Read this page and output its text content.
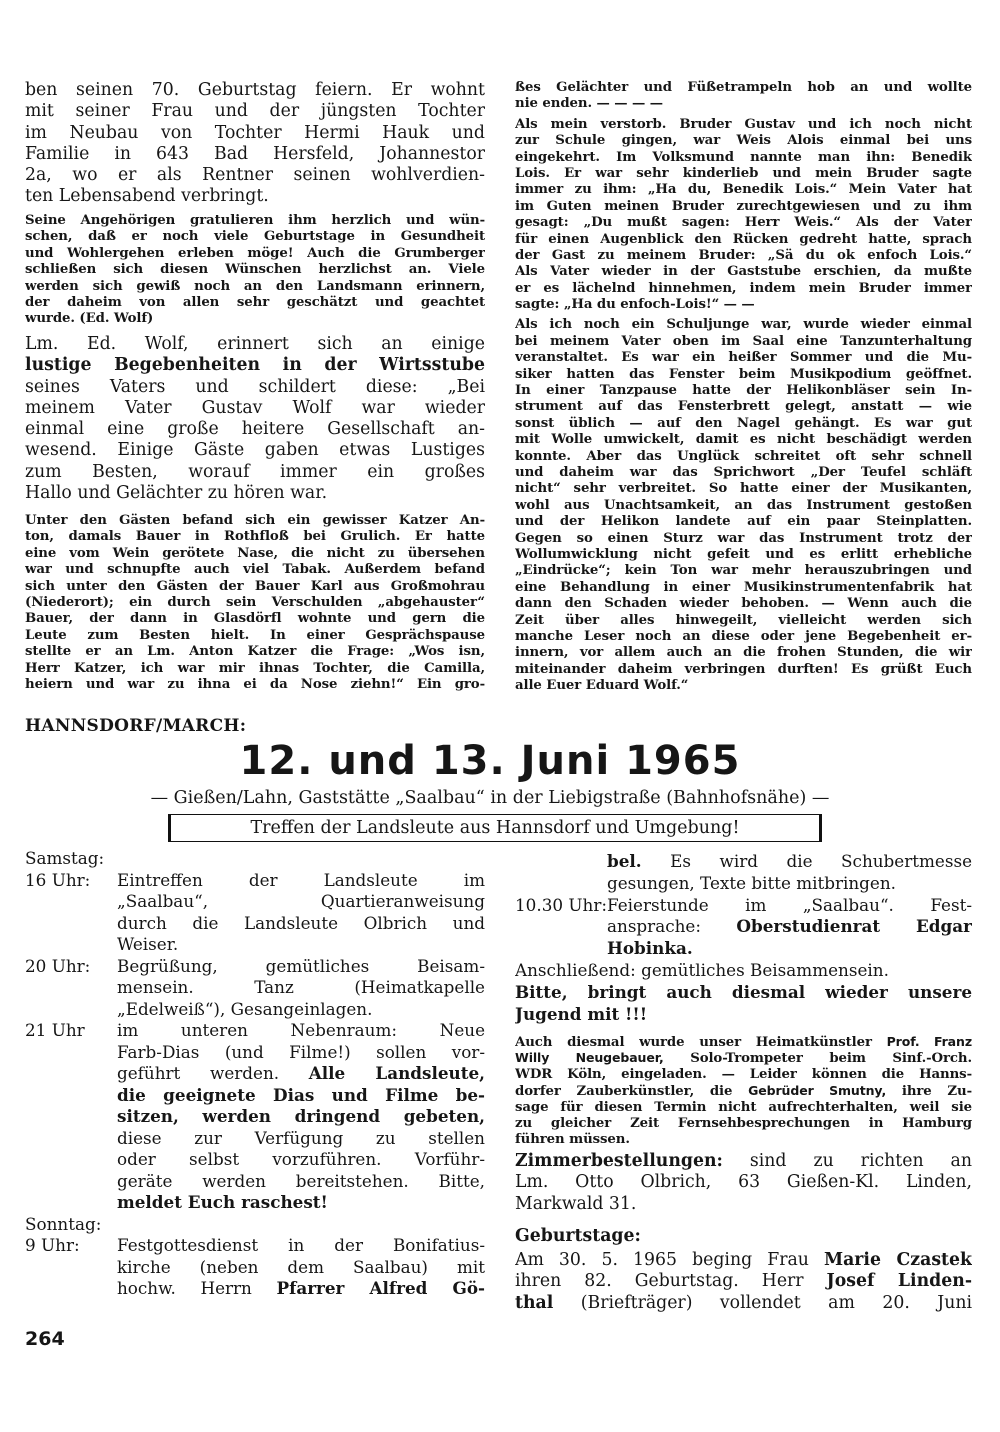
ben seinen 70. Geburtstag feiern. Er wohnt
mit seiner Frau und der jüngsten Tochter
im Neubau von Tochter Hermi Hauk und
Familie in 643 Bad Hersfeld, Johannestor
2a, wo er als Rentner seinen wohlverdien-
ten Lebensabend verbringt.
Seine Angehörigen gratulieren ihm herzlich und wün-
schen, daß er noch viele Geburtstage in Gesundheit
und Wohlergehen erleben möge! Auch die Grumberger
schließen sich diesen Wünschen herzlichst an. Viele
werden sich gewiß noch an den Landsmann erinnern,
der daheim von allen sehr geschätzt und geachtet
wurde. (Ed. Wolf)
Lm. Ed. Wolf, erinnert sich an einige
lustige Begebenheiten in der Wirtsstube
seines Vaters und schildert diese: „Bei
meinem Vater Gustav Wolf war wieder
einmal eine große heitere Gesellschaft an-
wesend. Einige Gäste gaben etwas Lustiges
zum Besten, worauf immer ein großes
Hallo und Gelächter zu hören war.
Unter den Gästen befand sich ein gewisser Katzer An-
ton, damals Bauer in Rothfloß bei Grulich. Er hatte
eine vom Wein gerötete Nase, die nicht zu übersehen
war und schnupfte auch viel Tabak. Außerdem befand
sich unter den Gästen der Bauer Karl aus Großmohrau
(Niederort); ein durch sein Verschulden „abgehauster“
Bauer, der dann in Glasdörfl wohnte und gern die
Leute zum Besten hielt. In einer Gesprächspause
stellte er an Lm. Anton Katzer die Frage: „Wos isn,
Herr Katzer, ich war mir ihnas Tochter, die Camilla,
heiern und war zu ihna ei da Nose ziehn!“ Ein gro-
ßes Gelächter und Füßetrampeln hob an und wollte
nie enden. — — — —
Als mein verstorb. Bruder Gustav und ich noch nicht
zur Schule gingen, war Weis Alois einmal bei uns
eingekehrt. Im Volksmund nannte man ihn: Benedik
Lois. Er war sehr kinderlieb und mein Bruder sagte
immer zu ihm: „Ha du, Benedik Lois.“ Mein Vater hat
im Guten meinen Bruder zurechtgewiesen und zu ihm
gesagt: „Du mußt sagen: Herr Weis.“ Als der Vater
für einen Augenblick den Rücken gedreht hatte, sprach
der Gast zu meinem Bruder: „Sä du ok enfoch Lois.“
Als Vater wieder in der Gaststube erschien, da mußte
er es lächelnd hinnehmen, indem mein Bruder immer
sagte: „Ha du enfoch-Lois!“ — —
Als ich noch ein Schuljunge war, wurde wieder einmal
bei meinem Vater oben im Saal eine Tanzunterhaltung
veranstaltet. Es war ein heißer Sommer und die Mu-
siker hatten das Fenster beim Musikpodium geöffnet.
In einer Tanzpause hatte der Helikonbläser sein In-
strument auf das Fensterbrett gelegt, anstatt — wie
sonst üblich — auf den Nagel gehängt. Es war gut
mit Wolle umwickelt, damit es nicht beschädigt werden
konnte. Aber das Unglück schreitet oft sehr schnell
und daheim war das Sprichwort „Der Teufel schläft
nicht“ sehr verbreitet. So hatte einer der Musikanten,
wohl aus Unachtsamkeit, an das Instrument gestoßen
und der Helikon landete auf ein paar Steinplatten.
Gegen so einen Sturz war das Instrument trotz der
Wollumwicklung nicht gefeit und es erlitt erhebliche
„Eindrücke“; kein Ton war mehr herauszubringen und
eine Behandlung in einer Musikinstrumentenfabrik hat
dann den Schaden wieder behoben. — Wenn auch die
Zeit über alles hinwegeilt, vielleicht werden sich
manche Leser noch an diese oder jene Begebenheit er-
innern, vor allem auch an die frohen Stunden, die wir
miteinander daheim verbringen durften! Es grüßt Euch
alle Euer Eduard Wolf.“
HANNSDORF/MARCH:
12. und 13. Juni 1965
— Gießen/Lahn, Gaststätte „Saalbau“ in der Liebigstraße (Bahnhofsnähe) —
Treffen der Landsleute aus Hannsdorf und Umgebung!
Samstag:
16 Uhr:	Eintreffen der Landsleute im
„Saalbau“, Quartieranweisung
durch die Landsleute Olbrich und
Weiser.
20 Uhr:	Begrüßung, gemütliches Beisam-
mensein. Tanz (Heimatkapelle
„Edelweiß“), Gesangeinlagen.
21 Uhr	im unteren Nebenraum: Neue
Farb-Dias (und Filme!) sollen vor-
geführt werden. Alle Landsleute,
die geeignete Dias und Filme be-
sitzen, werden dringend gebeten,
diese zur Verfügung zu stellen
oder selbst vorzuführen. Vorführ-
geräte werden bereitstehen. Bitte,
meldet Euch raschest!
Sonntag:
9 Uhr:	Festgottesdienst in der Bonifatius-
kirche (neben dem Saalbau) mit
hochw. Herrn Pfarrer Alfred Gö-
bel. Es wird die Schubertmesse
gesungen, Texte bitte mitbringen.
10.30 Uhr: Feierstunde im „Saalbau“. Fest-
ansprache: Oberstudienrat Edgar
Hobinka.
Anschließend: gemütliches Beisammensein.
Bitte, bringt auch diesmal wieder unsere
Jugend mit !!!
Auch diesmal wurde unser Heimatkünstler Prof. Franz
Willy Neugebauer, Solo-Trompeter beim Sinf.-Orch.
WDR Köln, eingeladen. — Leider können die Hanns-
dorfer Zauberkünstler, die Gebrüder Smutny, ihre Zu-
sage für diesen Termin nicht aufrechterhalten, weil sie
zu gleicher Zeit Fernsehbesprechungen in Hamburg
führen müssen.
Zimmerbestellungen: sind zu richten an
Lm. Otto Olbrich, 63 Gießen-Kl. Linden,
Markwald 31.
Geburtstage:
Am 30. 5. 1965 beging Frau Marie Czastek
ihren 82. Geburtstag. Herr Josef Linden-
thal (Briefträger) vollendet am 20. Juni
264
